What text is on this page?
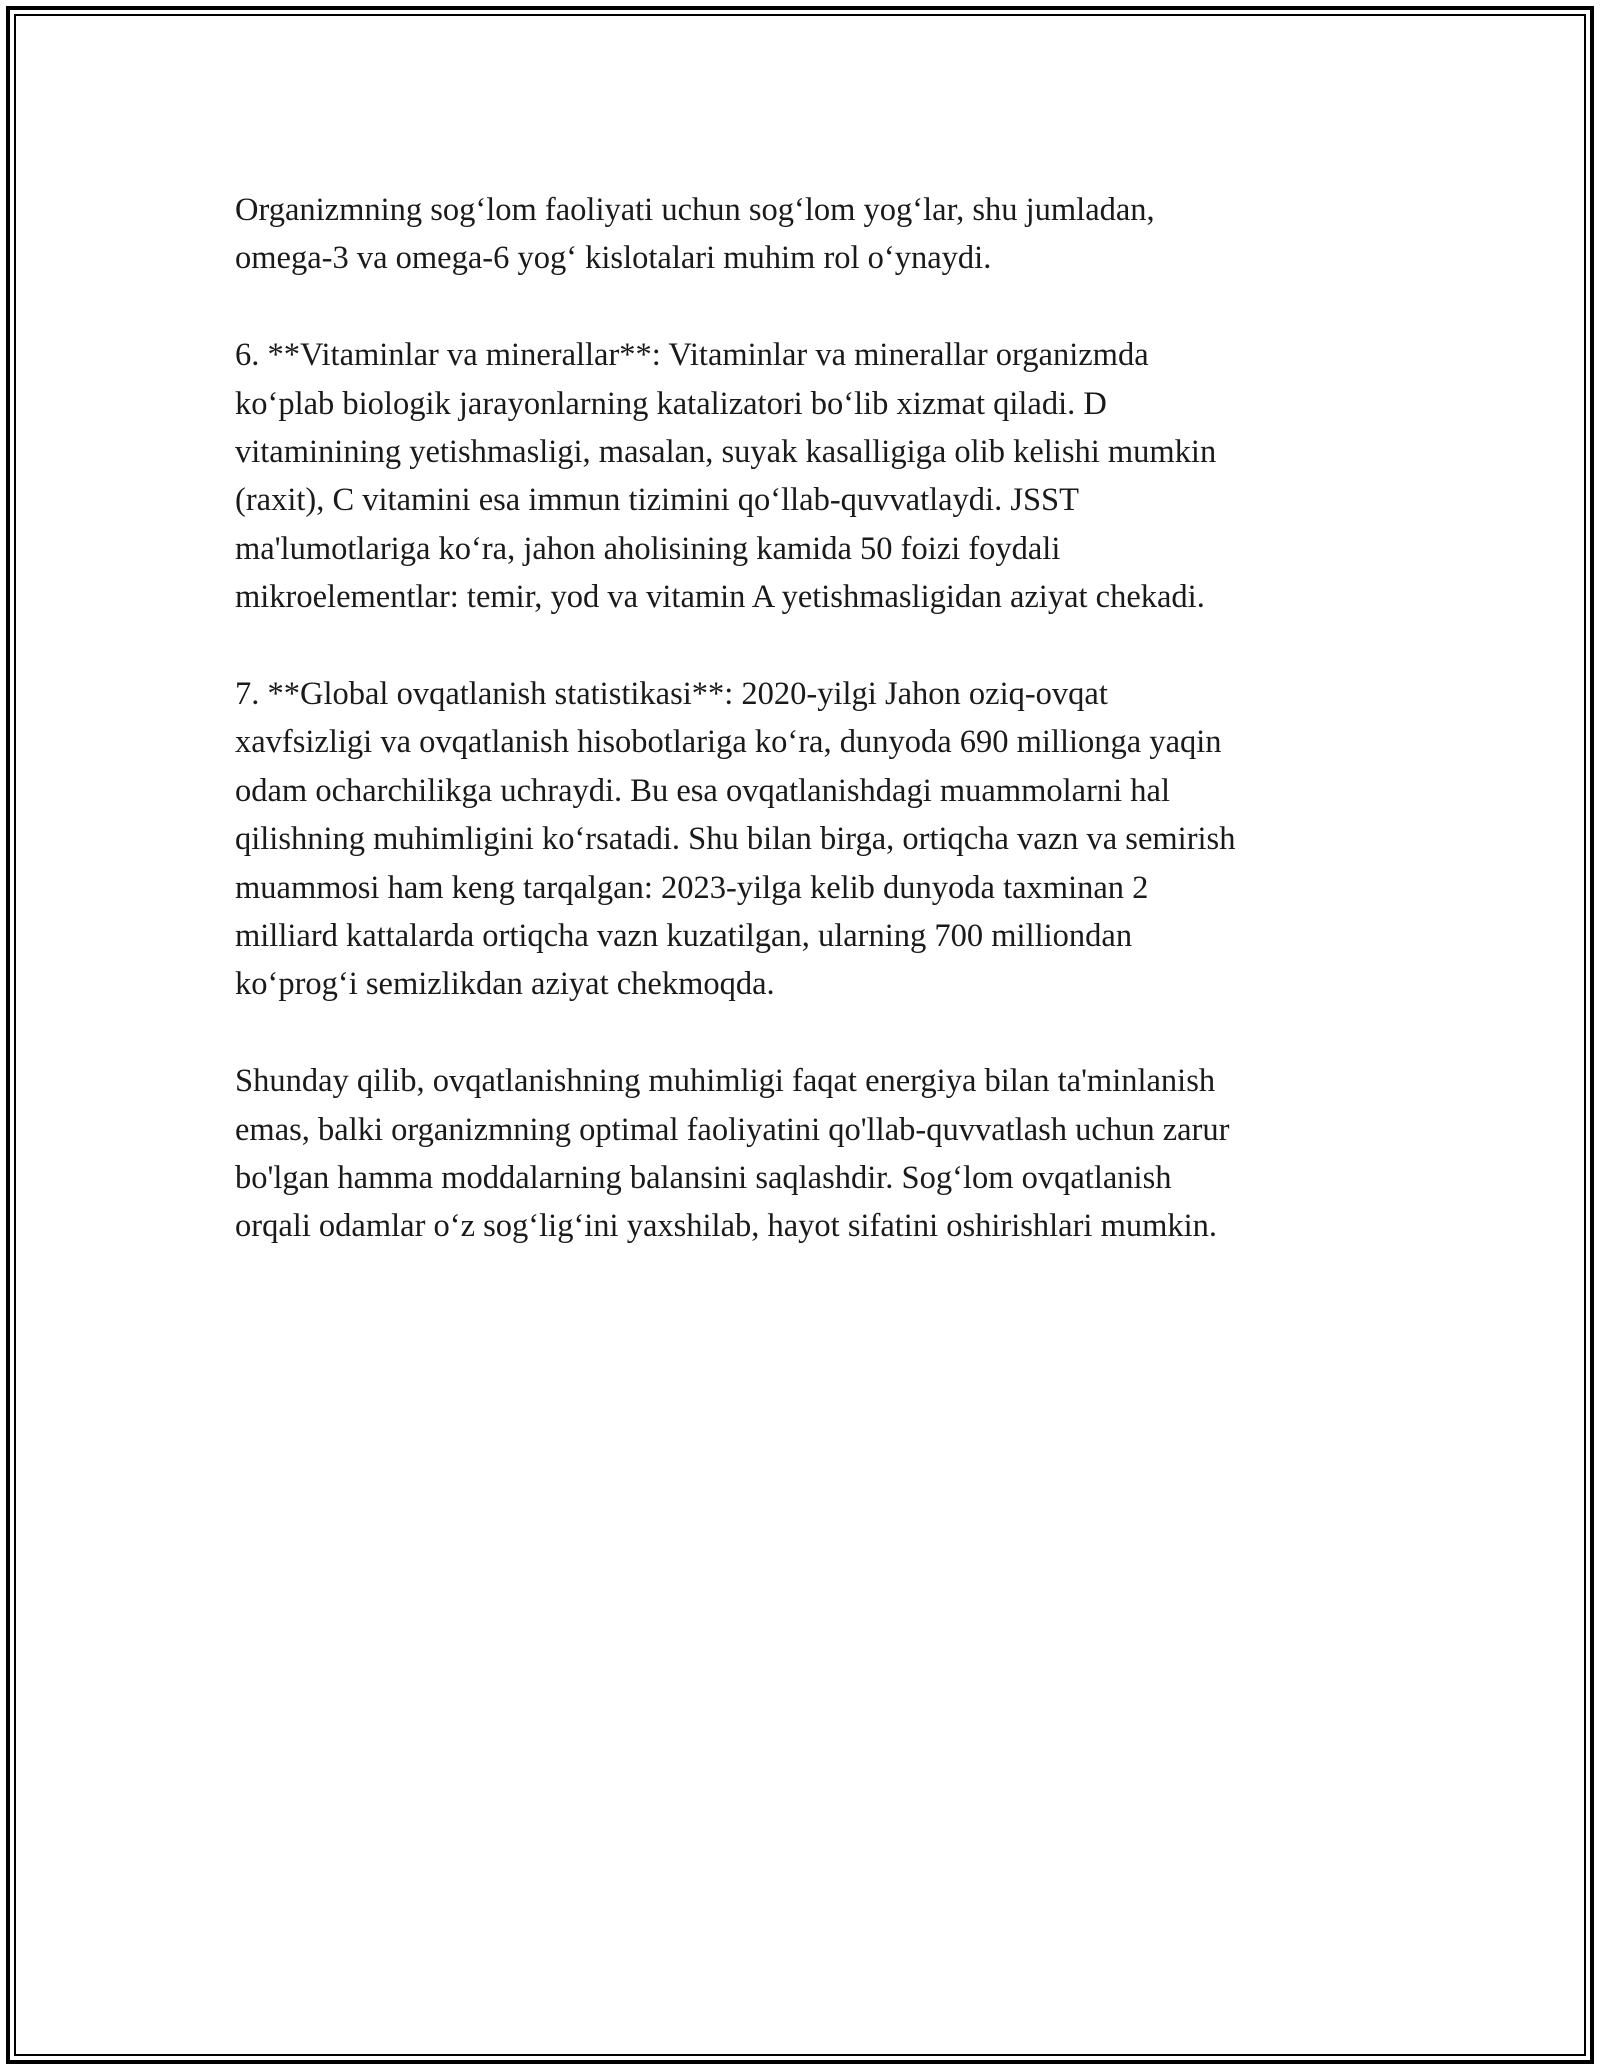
Organizmning sog‘lom faoliyati uchun sog‘lom yog‘lar, shu jumladan,
omega-3 va omega-6 yog‘ kislotalari muhim rol o‘ynaydi.

6. **Vitaminlar va minerallar**: Vitaminlar va minerallar organizmda
ko‘plab biologik jarayonlarning katalizatori bo‘lib xizmat qiladi. D
vitaminining yetishmasligi, masalan, suyak kasalligiga olib kelishi mumkin
(raxit), C vitamini esa immun tizimini qo‘llab-quvvatlaydi. JSST
ma'lumotlariga ko‘ra, jahon aholisining kamida 50 foizi foydali
mikroelementlar: temir, yod va vitamin A yetishmasligidan aziyat chekadi.

7. **Global ovqatlanish statistikasi**: 2020-yilgi Jahon oziq-ovqat
xavfsizligi va ovqatlanish hisobotlariga ko‘ra, dunyoda 690 millionga yaqin
odam ocharchilikga uchraydi. Bu esa ovqatlanishdagi muammolarni hal
qilishning muhimligini ko‘rsatadi. Shu bilan birga, ortiqcha vazn va semirish
muammosi ham keng tarqalgan: 2023-yilga kelib dunyoda taxminan 2
milliard kattalarda ortiqcha vazn kuzatilgan, ularning 700 milliondan
ko‘prog‘i semizlikdan aziyat chekmoqda.

Shunday qilib, ovqatlanishning muhimligi faqat energiya bilan ta'minlanish
emas, balki organizmning optimal faoliyatini qo'llab-quvvatlash uchun zarur
bo'lgan hamma moddalarning balansini saqlashdir. Sog‘lom ovqatlanish
orqali odamlar o‘z sog‘lig‘ini yaxshilab, hayot sifatini oshirishlari mumkin.
